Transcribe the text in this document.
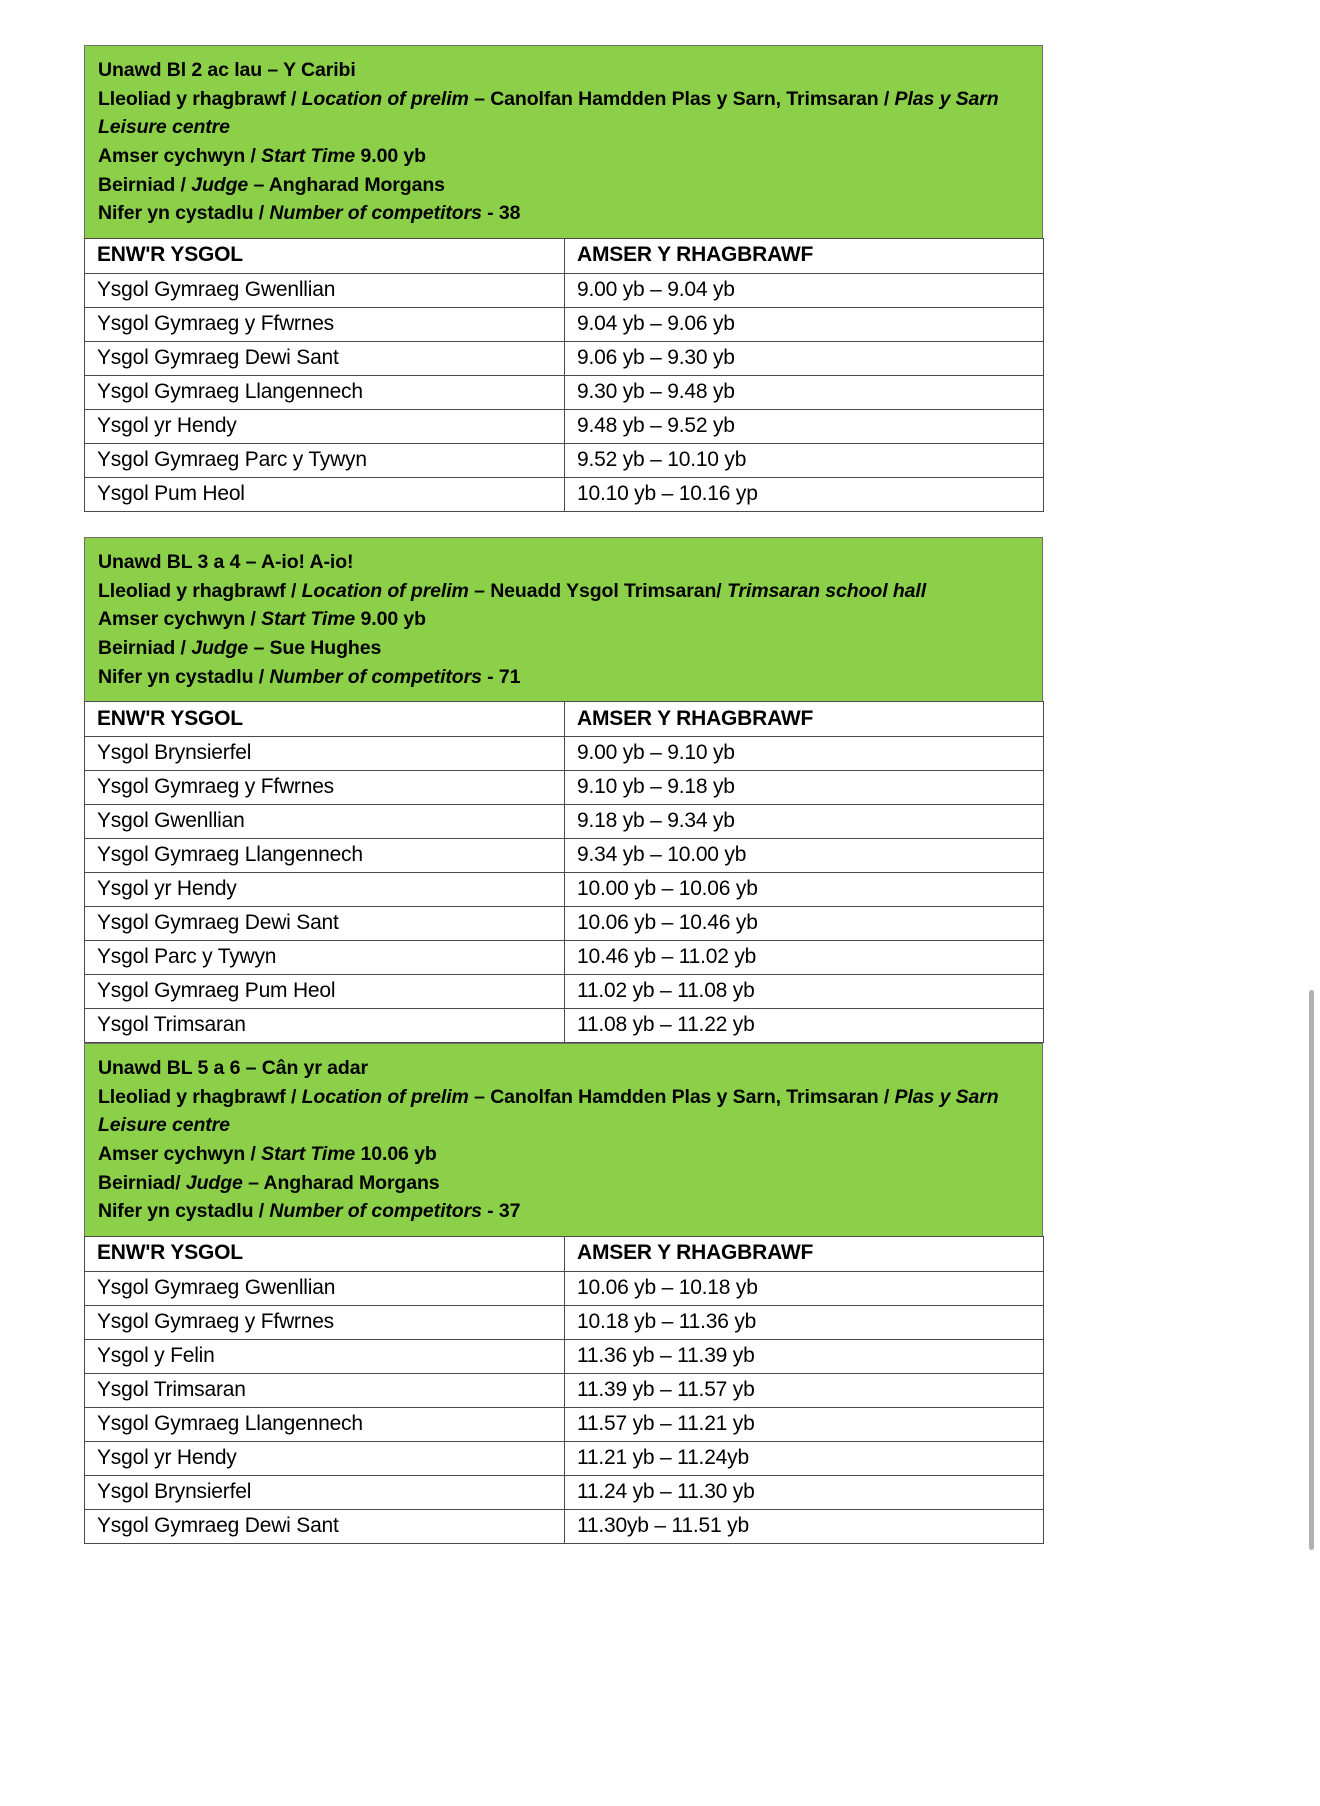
Unawd Bl 2 ac lau – Y Caribi
Lleoliad y rhagbrawf / Location of prelim – Canolfan Hamdden Plas y Sarn, Trimsaran / Plas y Sarn Leisure centre
Amser cychwyn / Start Time 9.00 yb
Beirniad / Judge – Angharad Morgans
Nifer yn cystadlu / Number of competitors - 38
ENW'R YSGOL	AMSER Y RHAGBRAWF
Ysgol Gymraeg Gwenllian	9.00 yb – 9.04 yb
Ysgol Gymraeg y Ffwrnes	9.04 yb – 9.06 yb
Ysgol Gymraeg Dewi Sant	9.06 yb – 9.30 yb
Ysgol Gymraeg Llangennech	9.30 yb – 9.48 yb
Ysgol yr Hendy	9.48 yb – 9.52 yb
Ysgol Gymraeg Parc y Tywyn	9.52 yb – 10.10 yb
Ysgol Pum Heol	10.10 yb – 10.16 yp
Unawd BL 3 a 4 – A-io! A-io!
Lleoliad y rhagbrawf / Location of prelim – Neuadd Ysgol Trimsaran/ Trimsaran school hall
Amser cychwyn / Start Time 9.00 yb
Beirniad / Judge – Sue Hughes
Nifer yn cystadlu / Number of competitors - 71
ENW'R YSGOL	AMSER Y RHAGBRAWF
Ysgol Brynsierfel	9.00 yb – 9.10 yb
Ysgol Gymraeg y Ffwrnes	9.10 yb – 9.18 yb
Ysgol Gwenllian	9.18 yb – 9.34 yb
Ysgol Gymraeg Llangennech	9.34 yb – 10.00 yb
Ysgol yr Hendy	10.00 yb – 10.06 yb
Ysgol Gymraeg Dewi Sant	10.06 yb – 10.46 yb
Ysgol Parc y Tywyn	10.46 yb – 11.02 yb
Ysgol Gymraeg Pum Heol	11.02 yb – 11.08 yb
Ysgol Trimsaran	11.08 yb – 11.22 yb
Unawd BL 5 a 6 – Cân yr adar
Lleoliad y rhagbrawf / Location of prelim – Canolfan Hamdden Plas y Sarn, Trimsaran / Plas y Sarn Leisure centre
Amser cychwyn / Start Time 10.06 yb
Beirniad/ Judge – Angharad Morgans
Nifer yn cystadlu / Number of competitors - 37
ENW'R YSGOL	AMSER Y RHAGBRAWF
Ysgol Gymraeg Gwenllian	10.06 yb – 10.18 yb
Ysgol Gymraeg y Ffwrnes	10.18 yb – 11.36 yb
Ysgol y Felin	11.36 yb – 11.39 yb
Ysgol Trimsaran	11.39 yb – 11.57 yb
Ysgol Gymraeg Llangennech	11.57 yb – 11.21 yb
Ysgol yr Hendy	11.21 yb – 11.24yb
Ysgol Brynsierfel	11.24 yb – 11.30 yb
Ysgol Gymraeg Dewi Sant	11.30yb – 11.51 yb
